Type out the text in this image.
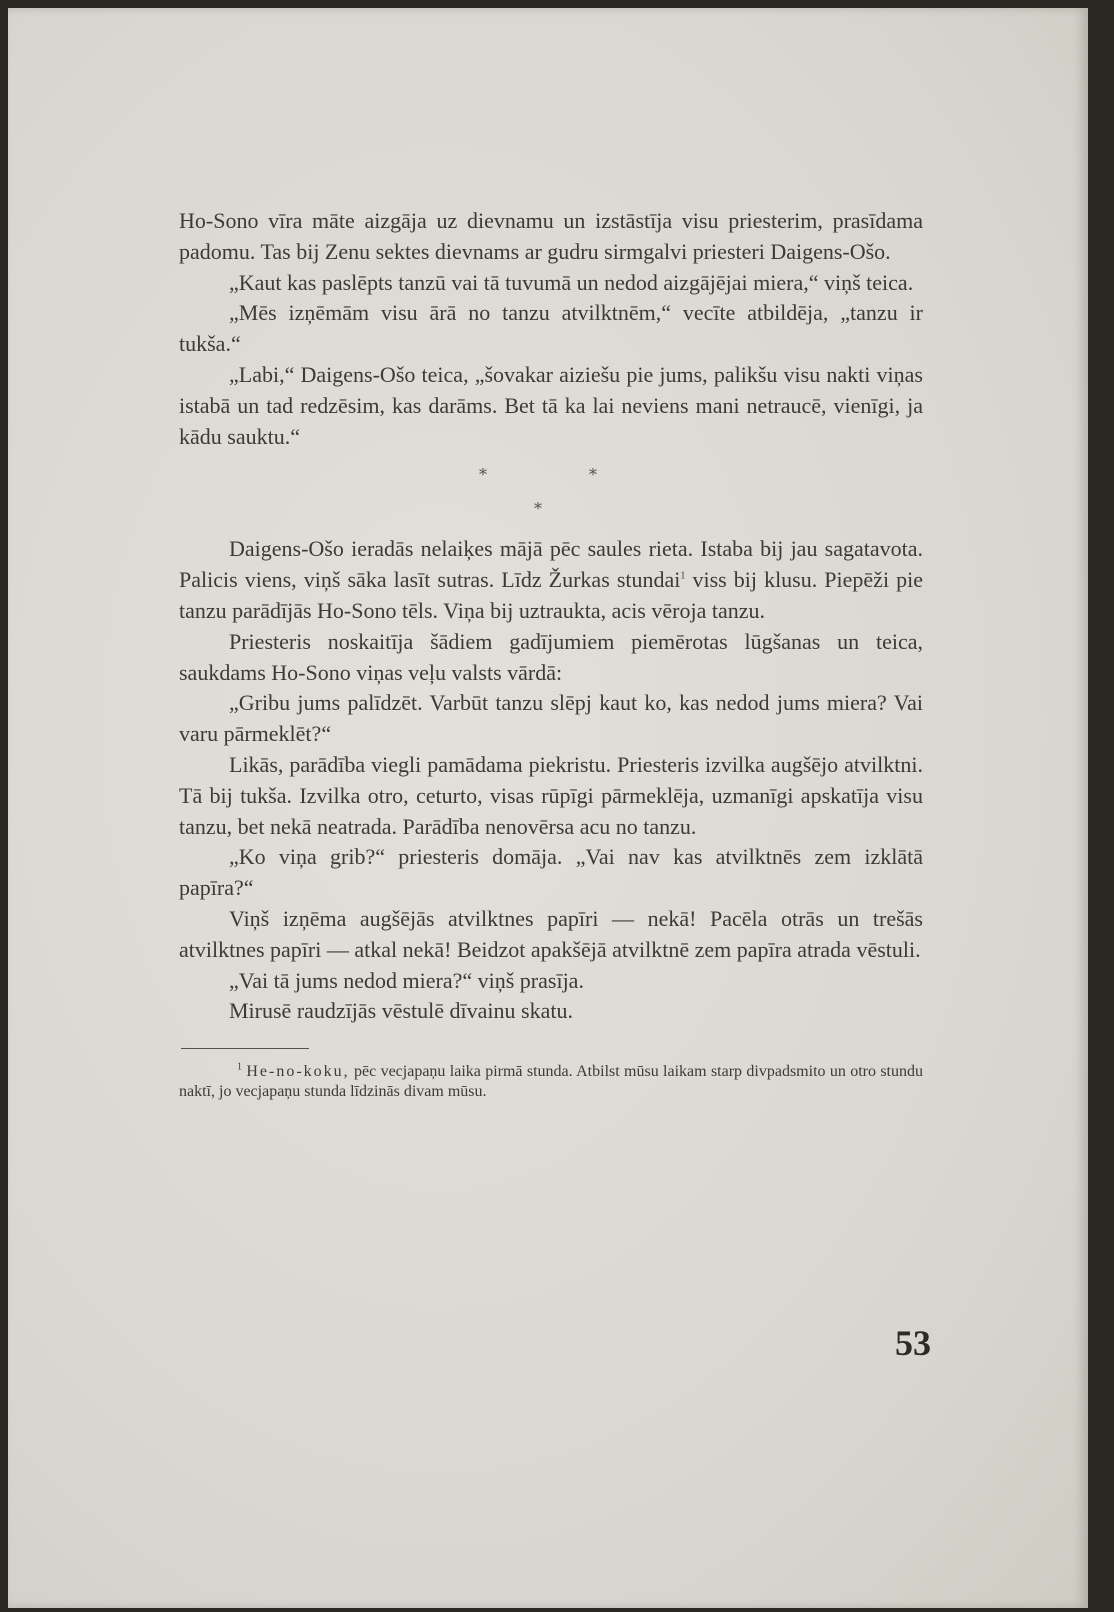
Ho-Sono vīra māte aizgāja uz dievnamu un izstāstīja visu priesterim, prasīdama padomu. Tas bij Zenu sektes dievnams ar gudru sirmgalvi priesteri Daigens-Ošo.

„Kaut kas paslēpts tanzū vai tā tuvumā un nedod aizgājējai miera,“ viņš teica.

„Mēs izņēmām visu ārā no tanzu atvilktnēm,“ vecīte atbildēja, „tanzu ir tukša.“

„Labi,“ Daigens-Ošo teica, „šovakar aiziešu pie jums, palikšu visu nakti viņas istabā un tad redzēsim, kas darāms. Bet tā ka lai neviens mani netraucē, vienīgi, ja kādu sauktu.“

*	*
*

Daigens-Ošo ieradās nelaiķes mājā pēc saules rieta. Istaba bij jau sagatavota. Palicis viens, viņš sāka lasīt sutras. Līdz Žurkas stundai$^1$ viss bij klusu. Piepēži pie tanzu parādījās Ho-Sono tēls. Viņa bij uztraukta, acis vēroja tanzu.

Priesteris noskaitīja šādiem gadījumiem piemērotas lūgšanas un teica, saukdams Ho-Sono viņas veļu valsts vārdā:

„Gribu jums palīdzēt. Varbūt tanzu slēpj kaut ko, kas nedod jums miera? Vai varu pārmeklēt?“

Likās, parādība viegli pamādama piekristu. Priesteris izvilka augšējo atvilktni. Tā bij tukša. Izvilka otro, ceturto, visas rūpīgi pārmeklēja, uzmanīgi apskatīja visu tanzu, bet nekā neatrada. Parādība nenovērsa acu no tanzu.

„Ko viņa grib?“ priesteris domāja. „Vai nav kas atvilktnēs zem izklātā papīra?“

Viņš izņēma augšējās atvilktnes papīri — nekā! Pacēla otrās un trešās atvilktnes papīri — atkal nekā! Beidzot apakšējā atvilktnē zem papīra atrada vēstuli.

„Vai tā jums nedod miera?“ viņš prasīja.

Mirusē raudzījās vēstulē dīvainu skatu.

$^1$ He-no-koku, pēc vecjapaņu laika pirmā stunda. Atbilst mūsu laikam starp divpadsmito un otro stundu naktī, jo vecjapaņu stunda līdzinās divam mūsu.
53
